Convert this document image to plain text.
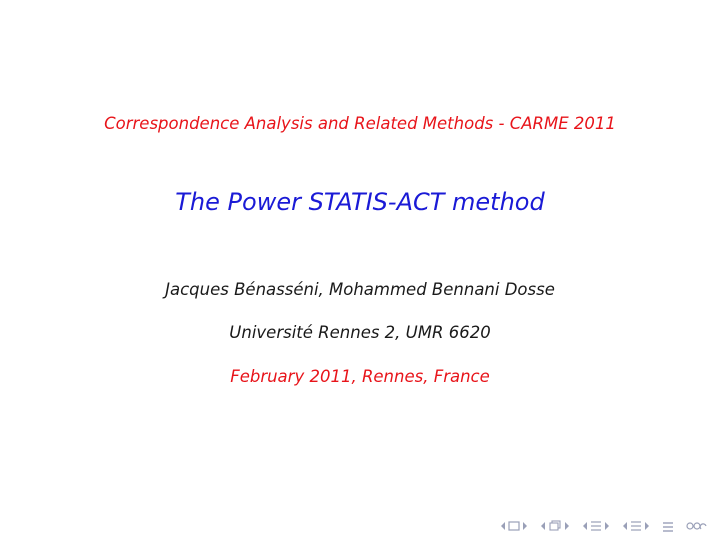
Correspondence Analysis and Related Methods - CARME 2011
The Power STATIS-ACT method
Jacques Bénasséni, Mohammed Bennani Dosse
Université Rennes 2, UMR 6620
February 2011, Rennes, France
